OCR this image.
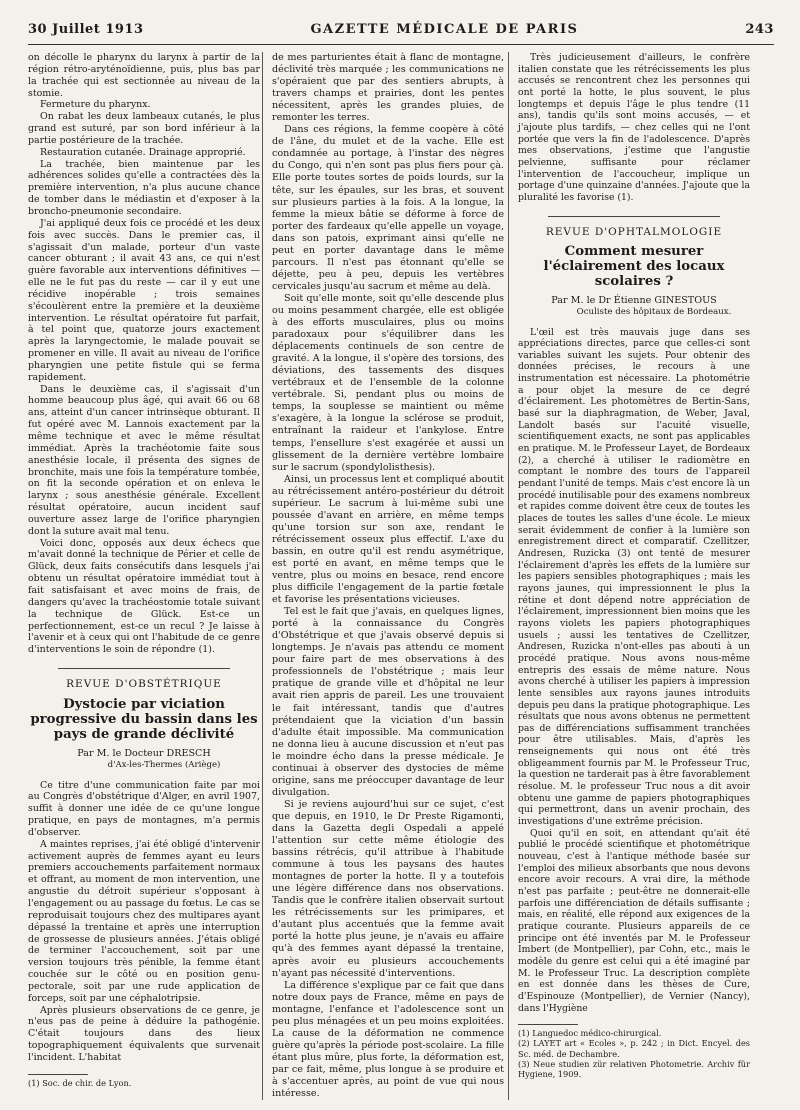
30 Juillet 1913	GAZETTE MÉDICALE DE PARIS	243

on décolle le pharynx du larynx à partir de la région rétro-aryténoïdienne, puis, plus bas par la trachée qui est sectionnée au niveau de la stomie.

Fermeture du pharynx.

On rabat les deux lambeaux cutanés, le plus grand est suturé, par son bord inférieur à la partie postérieure de la trachée.

Restauration cutanée. Drainage approprié.

La trachée, bien maintenue par les adhérences solides qu'elle a contractées dès la première intervention, n'a plus aucune chance de tomber dans le médiastin et d'exposer à la broncho-pneumonie secondaire.

J'ai appliqué deux fois ce procédé et les deux fois avec succès. Dans le premier cas, il s'agissait d'un malade, porteur d'un vaste cancer obturant ; il avait 43 ans, ce qui n'est guère favorable aux interventions définitives — elle ne le fut pas du reste — car il y eut une récidive inopérable ; trois semaines s'écoulèrent entre la première et la deuxième intervention. Le résultat opératoire fut parfait, à tel point que, quatorze jours exactement après la laryngectomie, le malade pouvait se promener en ville. Il avait au niveau de l'orifice pharyngien une petite fistule qui se ferma rapidement.

Dans le deuxième cas, il s'agissait d'un homme beaucoup plus âgé, qui avait 66 ou 68 ans, atteint d'un cancer intrinsèque obturant. Il fut opéré avec M. Lannois exactement par la même technique et avec le même résultat immédiat. Après la trachéotomie faite sous anesthésie locale, il présenta des signes de bronchite, mais une fois la température tombée, on fit la seconde opération et on enleva le larynx ; sous anesthésie générale. Excellent résultat opératoire, aucun incident sauf ouverture assez large de l'orifice pharyngien dont la suture avait mal tenu.

Voici donc, opposés aux deux échecs que m'avait donné la technique de Périer et celle de Glück, deux faits consécutifs dans lesquels j'ai obtenu un résultat opératoire immédiat tout à fait satisfaisant et avec moins de frais, de dangers qu'avec la trachéostomie totale suivant la technique de Glück. Est-ce un perfectionnement, est-ce un recul ? Je laisse à l'avenir et à ceux qui ont l'habitude de ce genre d'interventions le soin de répondre (1).

REVUE D'OBSTÉTRIQUE
Dystocie par viciation progressive du bassin dans les pays de grande déclivité
Par M. le Docteur DRESCH
d'Ax-les-Thermes (Ariège)

Ce titre d'une communication faite par moi au Congrès d'obstétrique d'Alger, en avril 1907, suffit à donner une idée de ce qu'une longue pratique, en pays de montagnes, m'a permis d'observer.

A maintes reprises, j'ai été obligé d'intervenir activement auprès de femmes ayant eu leurs premiers accouchements parfaitement normaux et offrant, au moment de mon intervention, une angustie du détroit supérieur s'opposant à l'engagement ou au passage du fœtus. Le cas se reproduisait toujours chez des multipares ayant dépassé la trentaine et après une interruption de grossesse de plusieurs années. J'étais obligé de terminer l'accouchement, soit par une version toujours très pénible, la femme étant couchée sur le côté ou en position genu-pectorale, soit par une rude application de forceps, soit par une céphalotripsie.

Après plusieurs observations de ce genre, je n'eus pas de peine à déduire la pathogénie. C'était toujours dans des lieux topographiquement équivalents que survenait l'incident. L'habitat

(1) Soc. de chir. de Lyon.

de mes parturientes était à flanc de montagne, déclivité très marquée ; les communications ne s'opéraient que par des sentiers abrupts, à travers champs et prairies, dont les pentes nécessitent, après les grandes pluies, de remonter les terres.

Dans ces régions, la femme coopère à côté de l'âne, du mulet et de la vache. Elle est condamnée au portage, à l'instar des nègres du Congo, qui n'en sont pas plus fiers pour çà. Elle porte toutes sortes de poids lourds, sur la tête, sur les épaules, sur les bras, et souvent sur plusieurs parties à la fois. A la longue, la femme la mieux bâtie se déforme à force de porter des fardeaux qu'elle appelle un voyage, dans son patois, exprimant ainsi qu'elle ne peut en porter davantage dans le même parcours. Il n'est pas étonnant qu'elle se déjette, peu à peu, depuis les vertèbres cervicales jusqu'au sacrum et même au delà.

Soit qu'elle monte, soit qu'elle descende plus ou moins pesamment chargée, elle est obligée à des efforts musculaires, plus ou moins paradoxaux pour s'équilibrer dans les déplacements continuels de son centre de gravité. A la longue, il s'opère des torsions, des déviations, des tassements des disques vertébraux et de l'ensemble de la colonne vertébrale. Si, pendant plus ou moins de temps, la souplesse se maintient ou même s'exagère, à la longue la sclérose se produit, entraînant la raideur et l'ankylose. Entre temps, l'ensellure s'est exagérée et aussi un glissement de la dernière vertèbre lombaire sur le sacrum (spondylolisthesis).

Ainsi, un processus lent et compliqué aboutit au rétrécissement antéro-postérieur du détroit supérieur. Le sacrum à lui-même subi une poussée d'avant en arrière, en même temps qu'une torsion sur son axe, rendant le rétrécissement osseux plus effectif. L'axe du bassin, en outre qu'il est rendu asymétrique, est porté en avant, en même temps que le ventre, plus ou moins en besace, rend encore plus difficile l'engagement de la partie fœtale et favorise les présentations vicieuses.

Tel est le fait que j'avais, en quelques lignes, porté à la connaissance du Congrès d'Obstétrique et que j'avais observé depuis si longtemps. Je n'avais pas attendu ce moment pour faire part de mes observations à des professionnels de l'obstétrique ; mais leur pratique de grande ville et d'hôpital ne leur avait rien appris de pareil. Les une trouvaient le fait intéressant, tandis que d'autres prétendaient que la viciation d'un bassin d'adulte était impossible. Ma communication ne donna lieu à aucune discussion et n'eut pas le moindre écho dans la presse médicale. Je continuai à observer des dystocies de même origine, sans me préoccuper davantage de leur divulgation.

Si je reviens aujourd'hui sur ce sujet, c'est que depuis, en 1910, le Dr Preste Rigamonti, dans la Gazetta degli Ospedali a appelé l'attention sur cette même étiologie des bassins rétrécis, qu'il attribue à l'habitude commune à tous les paysans des hautes montagnes de porter la hotte. Il y a toutefois une légère différence dans nos observations. Tandis que le confrère italien observait surtout les rétrécissements sur les primipares, et d'autant plus accentués que la femme avait porté la hotte plus jeune, je n'avais eu affaire qu'à des femmes ayant dépassé la trentaine, après avoir eu plusieurs accouchements n'ayant pas nécessité d'interventions.

La différence s'explique par ce fait que dans notre doux pays de France, même en pays de montagne, l'enfance et l'adolescence sont un peu plus ménagées et un peu moins exploitées. La cause de la déformation ne commence guère qu'après la période post-scolaire. La fille étant plus mûre, plus forte, la déformation est, par ce fait, même, plus longue à se produire et à s'accentuer après, au point de vue qui nous intéresse.

Très judicieusement d'ailleurs, le confrère italien constate que les rétrécissements les plus accusés se rencontrent chez les personnes qui ont porté la hotte, le plus souvent, le plus longtemps et depuis l'âge le plus tendre (11 ans), tandis qu'ils sont moins accusés, — et j'ajoute plus tardifs, — chez celles qui ne l'ont portée que vers la fin de l'adolescence. D'après mes observations, j'estime que l'angustie pelvienne, suffisante pour réclamer l'intervention de l'accoucheur, implique un portage d'une quinzaine d'années. J'ajoute que la pluralité les favorise (1).

REVUE D'OPHTALMOLOGIE
Comment mesurer l'éclairement des locaux scolaires ?
Par M. le Dr Étienne GINESTOUS
Oculiste des hôpitaux de Bordeaux.

L'œil est très mauvais juge dans ses appréciations directes, parce que celles-ci sont variables suivant les sujets. Pour obtenir des données précises, le recours à une instrumentation est nécessaire. La photométrie a pour objet la mesure de ce degré d'éclairement. Les photomètres de Bertin-Sans, basé sur la diaphragmation, de Weber, Javal, Landolt basés sur l'acuité visuelle, scientifiquement exacts, ne sont pas applicables en pratique. M. le Professeur Layet, de Bordeaux (2), a cherché à utiliser le radiomètre en comptant le nombre des tours de l'appareil pendant l'unité de temps. Mais c'est encore là un procédé inutilisable pour des examens nombreux et rapides comme doivent être ceux de toutes les places de toutes les salles d'une école. Le mieux serait évidemment de confier à la lumière son enregistrement direct et comparatif. Czellitzer, Andresen, Ruzicka (3) ont tenté de mesurer l'éclairement d'après les effets de la lumière sur les papiers sensibles photographiques ; mais les rayons jaunes, qui impressionnent le plus la rétine et dont dépend notre appréciation de l'éclairement, impressionnent bien moins que les rayons violets les papiers photographiques usuels ; aussi les tentatives de Czellitzer, Andresen, Ruzicka n'ont-elles pas abouti à un procédé pratique. Nous avons nous-même entrepris des essais de même nature. Nous avons cherché à utiliser les papiers à impression lente sensibles aux rayons jaunes introduits depuis peu dans la pratique photographique. Les résultats que nous avons obtenus ne permettent pas de différenciations suffisamment tranchées pour être utilisables. Mais, d'après les renseignements qui nous ont été très obligeamment fournis par M. le Professeur Truc, la question ne tarderait pas à être favorablement résolue. M. le professeur Truc nous a dit avoir obtenu une gamme de papiers photographiques qui permettront, dans un avenir prochain, des investigations d'une extrême précision.

Quoi qu'il en soit, en attendant qu'ait été publié le procédé scientifique et photométrique nouveau, c'est à l'antique méthode basée sur l'emploi des milieux absorbants que nous devons encore avoir recours. A vrai dire, la méthode n'est pas parfaite ; peut-être ne donnerait-elle parfois une différenciation de détails suffisante ; mais, en réalité, elle répond aux exigences de la pratique courante. Plusieurs appareils de ce principe ont été inventés par M. le Professeur Imbert (de Montpellier), par Cohn, etc., mais le modèle du genre est celui qui a été imaginé par M. le Professeur Truc. La description complète en est donnée dans les thèses de Cure, d'Espinouze (Montpellier), de Vernier (Nancy), dans l'Hygiène

(1) Languedoc médico-chirurgical.

(2) LAYET art « Ecoles », p. 242 ; in Dict. Encyel. des Sc. méd. de Dechambre.

(3) Neue studien zür relativen Photometrie. Archiv für Hygiene, 1909.
